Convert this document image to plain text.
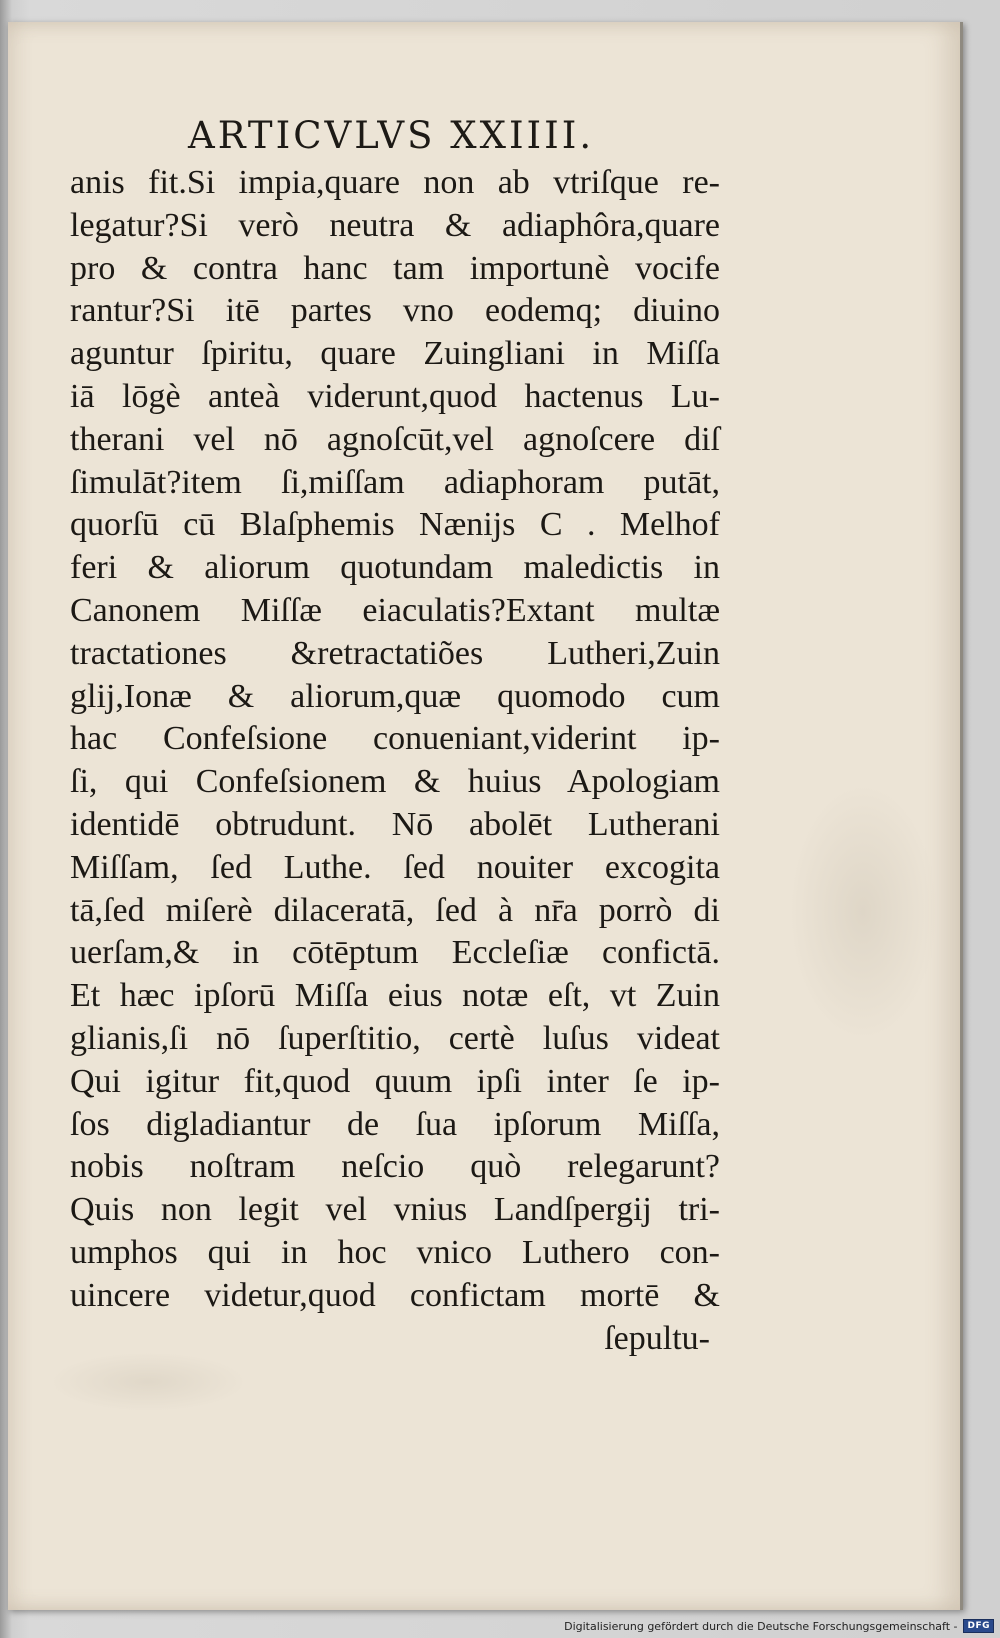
ARTICVLVS XXIIII.
anis fit.Si impia,quare non ab vtriſque re-
legatur?Si verò neutra & adiaphôra,quare
pro & contra hanc tam importunè vocife
rantur?Si itē partes vno eodemq; diuino
aguntur ſpiritu, quare Zuingliani in Miſſa
iā lōgè anteà viderunt,quod hactenus Lu-
therani vel nō agnoſcūt,vel agnoſcere diſ
ſimulāt?item ſi,miſſam adiaphoram putāt,
quorſū cū Blaſphemis Nænijs C . Melhof
feri & aliorum quotundam maledictis in
Canonem Miſſæ eiaculatis?Extant multæ
tractationes &retractatiões Lutheri,Zuin
glij,Ionæ & aliorum,quæ quomodo cum
hac Confeſsione conueniant,viderint ip-
ſi, qui Confeſsionem & huius Apologiam
identidē obtrudunt. Nō abolēt Lutherani
Miſſam, ſed Luthe. ſed nouiter excogita
tā,ſed miſerè dilaceratā, ſed à nr̄a porrò di
uerſam,& in cōtēptum Eccleſiæ confictā.
Et hæc ipſorū Miſſa eius notæ eſt, vt Zuin
glianis,ſi nō ſuperſtitio, certè luſus videat
Qui igitur fit,quod quum ipſi inter ſe ip-
ſos digladiantur de ſua ipſorum Miſſa,
nobis noſtram neſcio quò relegarunt?
Quis non legit vel vnius Landſpergij tri-
umphos qui in hoc vnico Luthero con-
uincere videtur,quod confictam mortē &
ſepultu-
Digitalisierung gefördert durch die Deutsche Forschungsgemeinschaft -	DFG
